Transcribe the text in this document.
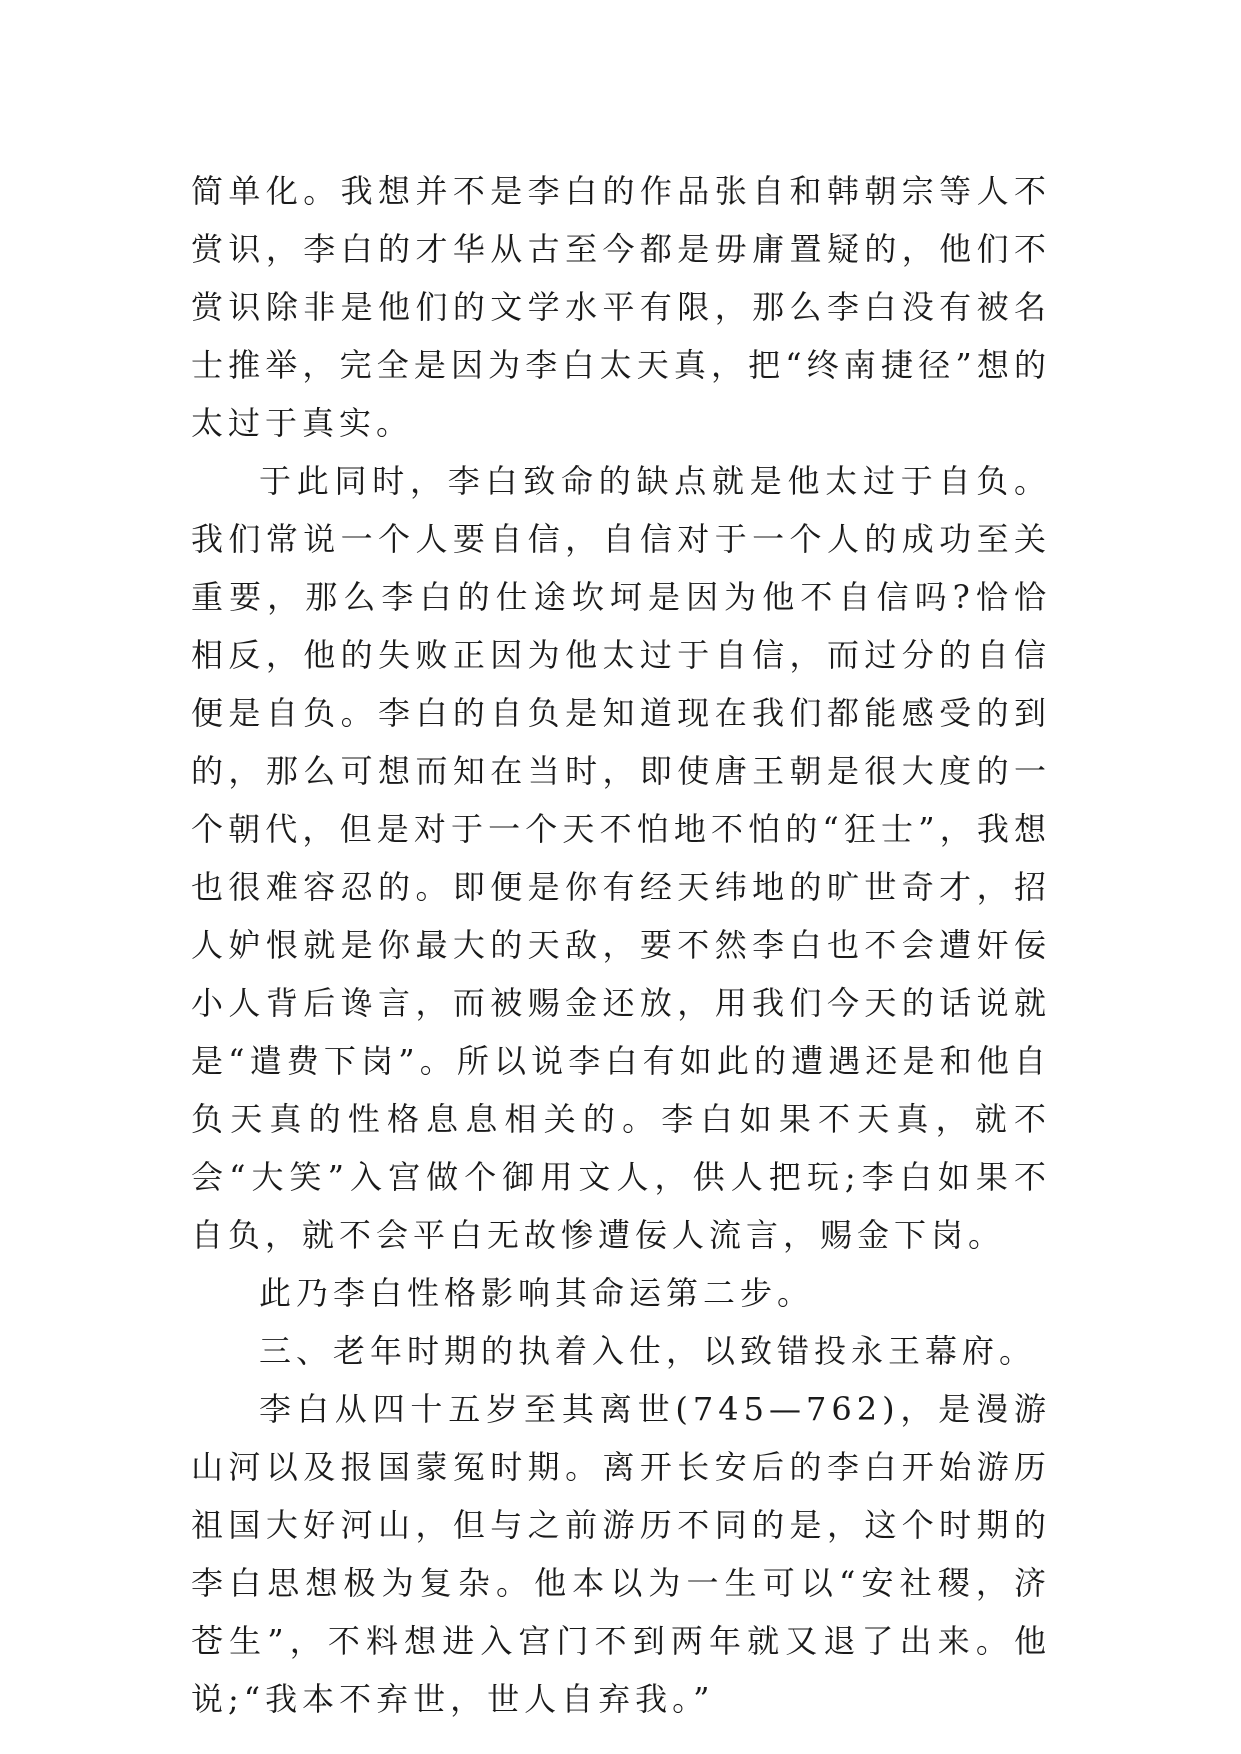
简单化。我想并不是李白的作品张自和韩朝宗等人不赏识，李白的才华从古至今都是毋庸置疑的，他们不赏识除非是他们的文学水平有限，那么李白没有被名士推举，完全是因为李白太天真，把“终南捷径”想的太过于真实。

于此同时，李白致命的缺点就是他太过于自负。我们常说一个人要自信，自信对于一个人的成功至关重要，那么李白的仕途坎坷是因为他不自信吗?恰恰相反，他的失败正因为他太过于自信，而过分的自信便是自负。李白的自负是知道现在我们都能感受的到的，那么可想而知在当时，即使唐王朝是很大度的一个朝代，但是对于一个天不怕地不怕的“狂士”，我想也很难容忍的。即便是你有经天纬地的旷世奇才，招人妒恨就是你最大的天敌，要不然李白也不会遭奸佞小人背后谗言，而被赐金还放，用我们今天的话说就是“遣费下岗”。所以说李白有如此的遭遇还是和他自负天真的性格息息相关的。李白如果不天真，就不会“大笑”入宫做个御用文人，供人把玩;李白如果不自负，就不会平白无故惨遭佞人流言，赐金下岗。

此乃李白性格影响其命运第二步。

三、老年时期的执着入仕，以致错投永王幕府。

李白从四十五岁至其离世(745—762)，是漫游山河以及报国蒙冤时期。离开长安后的李白开始游历祖国大好河山，但与之前游历不同的是，这个时期的李白思想极为复杂。他本以为一生可以“安社稷，济苍生”，不料想进入宫门不到两年就又退了出来。他说;“我本不弃世，世人自弃我。”
